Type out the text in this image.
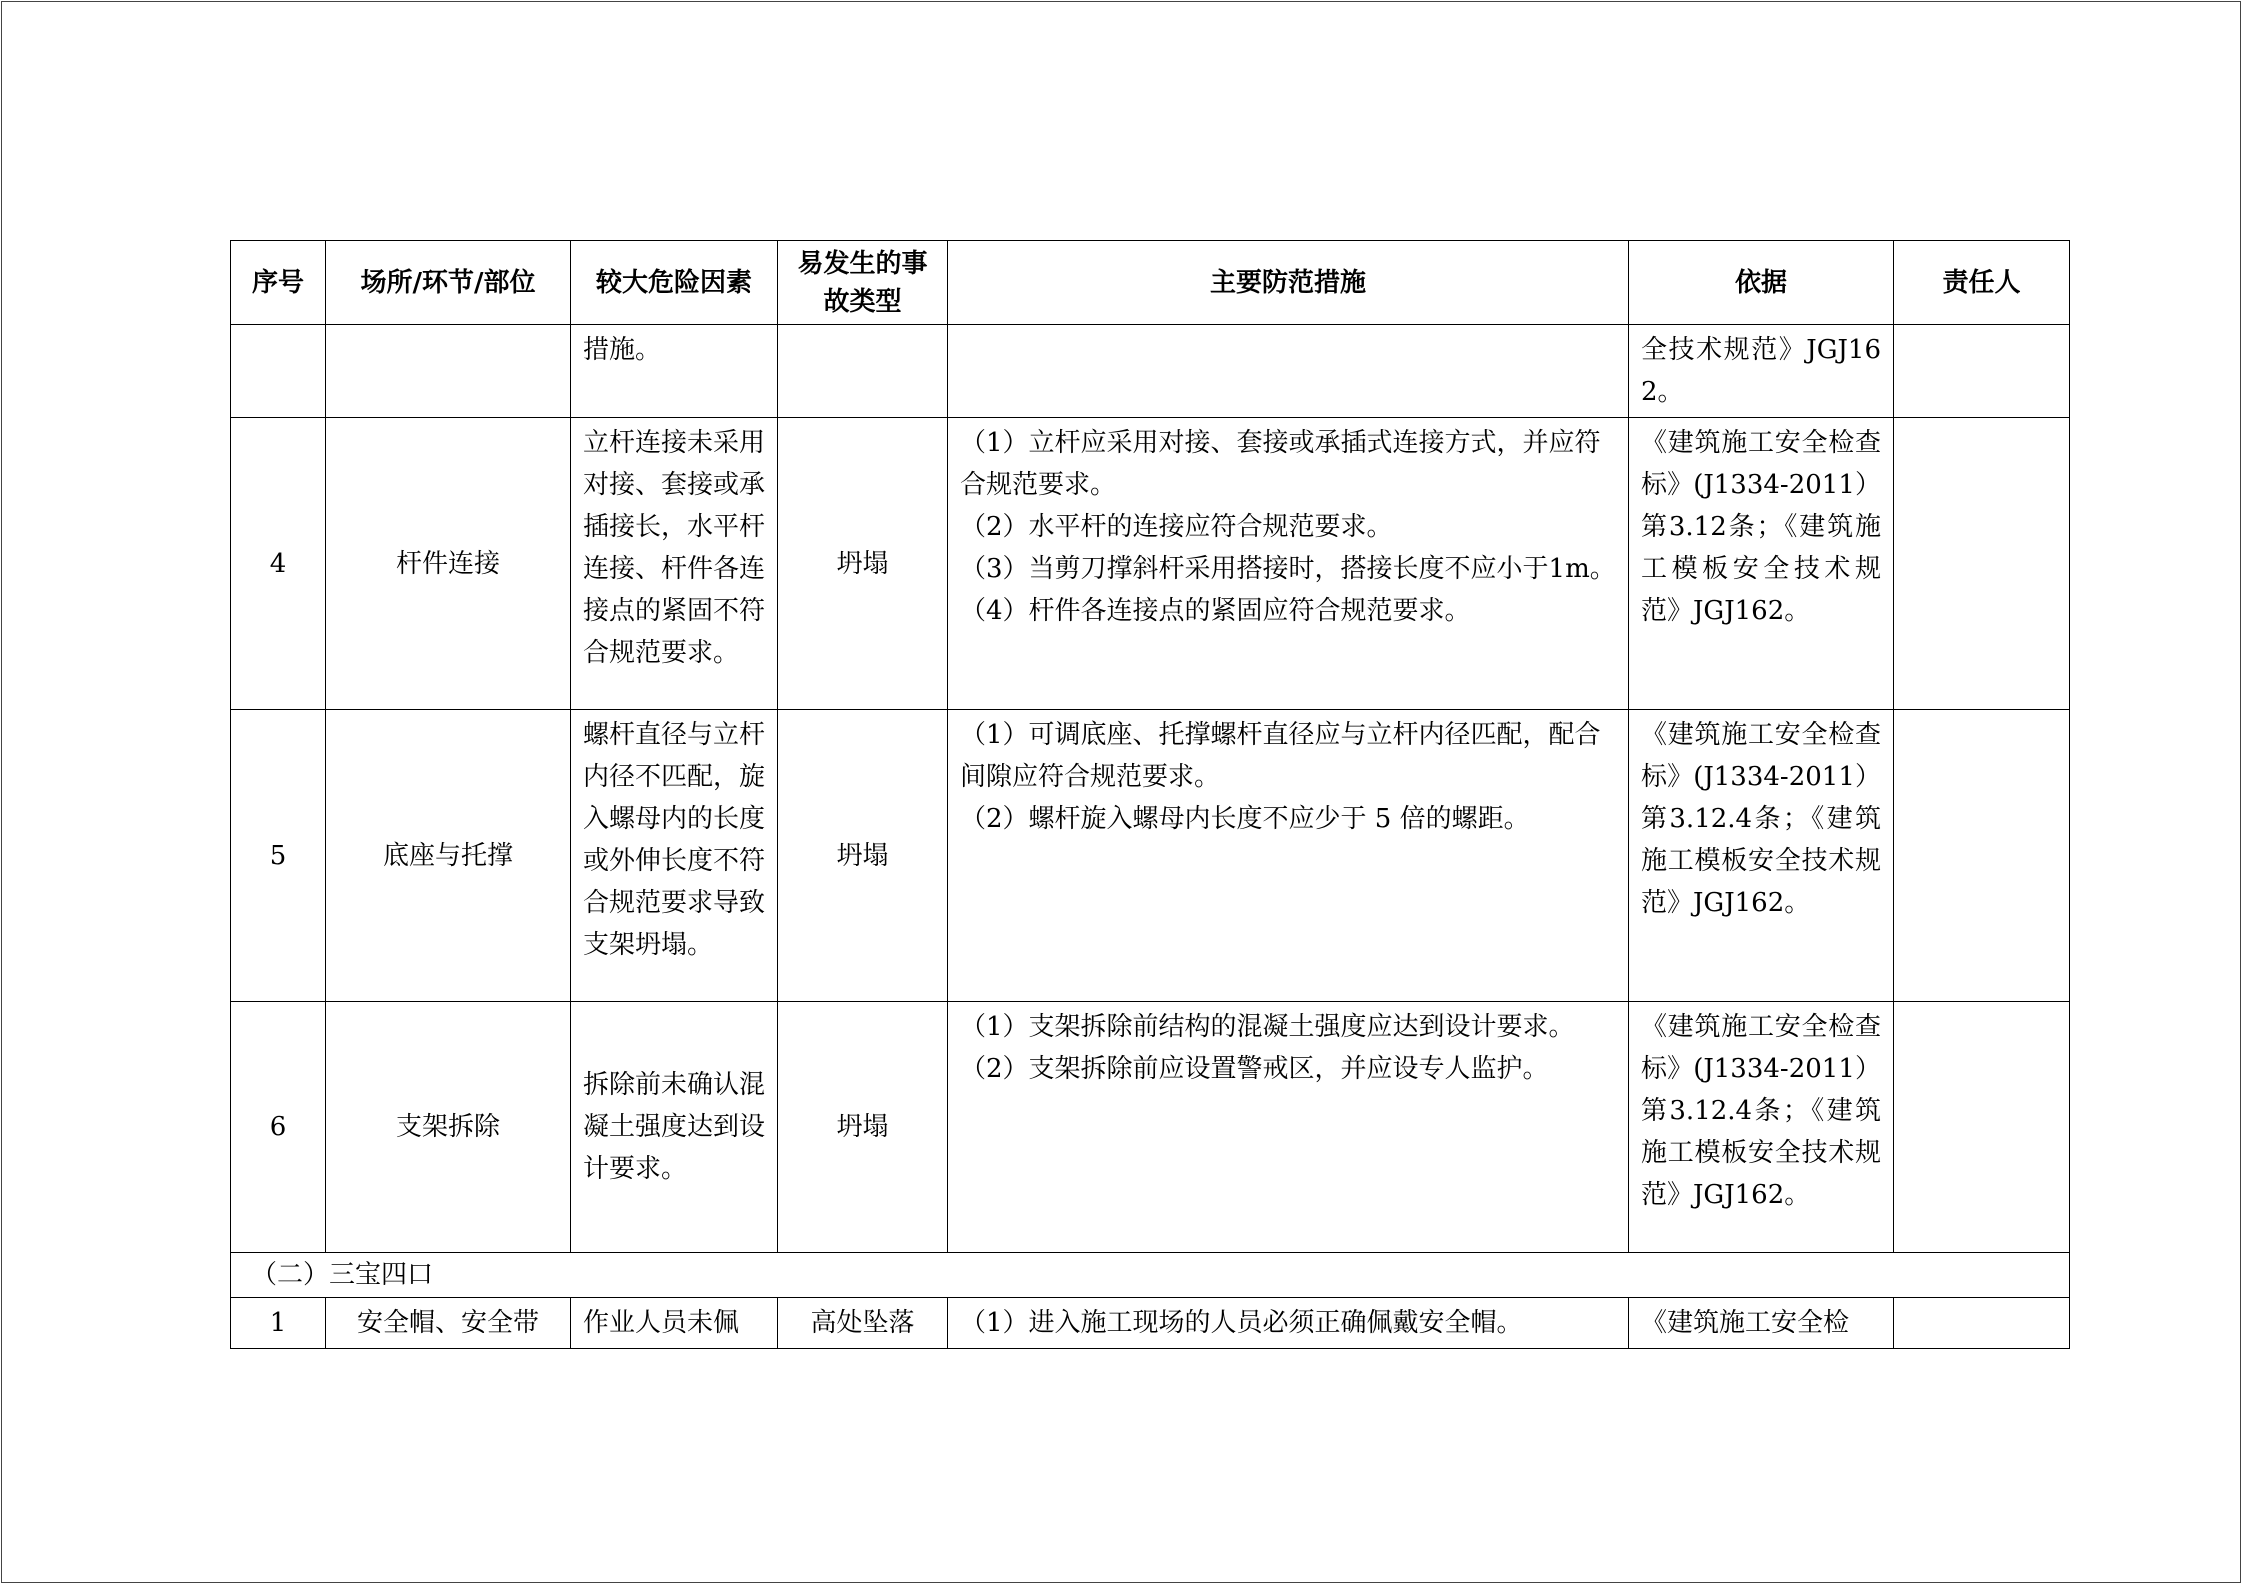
序号	场所/环节/部位	较大危险因素	易发生的事故类型	主要防范措施	依据	责任人
		措施。			全技术规范》JGJ162。	
4	杆件连接	立杆连接未采用对接、套接或承插接长，水平杆连接、杆件各连接点的紧固不符合规范要求。	坍塌	（1）立杆应采用对接、套接或承插式连接方式，并应符合规范要求。
（2）水平杆的连接应符合规范要求。
（3）当剪刀撑斜杆采用搭接时，搭接长度不应小于1m。
（4）杆件各连接点的紧固应符合规范要求。	《建筑施工安全检查标》(J1334-2011）第3.12条；《建筑施工模板安全技术规范》JGJ162。	
5	底座与托撑	螺杆直径与立杆内径不匹配，旋入螺母内的长度或外伸长度不符合规范要求导致支架坍塌。	坍塌	（1）可调底座、托撑螺杆直径应与立杆内径匹配，配合间隙应符合规范要求。
（2）螺杆旋入螺母内长度不应少于 5 倍的螺距。	《建筑施工安全检查标》(J1334-2011）第3.12.4条；《建筑施工模板安全技术规范》JGJ162。	
6	支架拆除	拆除前未确认混凝土强度达到设计要求。	坍塌	（1）支架拆除前结构的混凝土强度应达到设计要求。
（2）支架拆除前应设置警戒区，并应设专人监护。	《建筑施工安全检查标》(J1334-2011）第3.12.4条；《建筑施工模板安全技术规范》JGJ162。	
（二）三宝四口						
1	安全帽、安全带	作业人员未佩	高处坠落	（1）进入施工现场的人员必须正确佩戴安全帽。	《建筑施工安全检	
